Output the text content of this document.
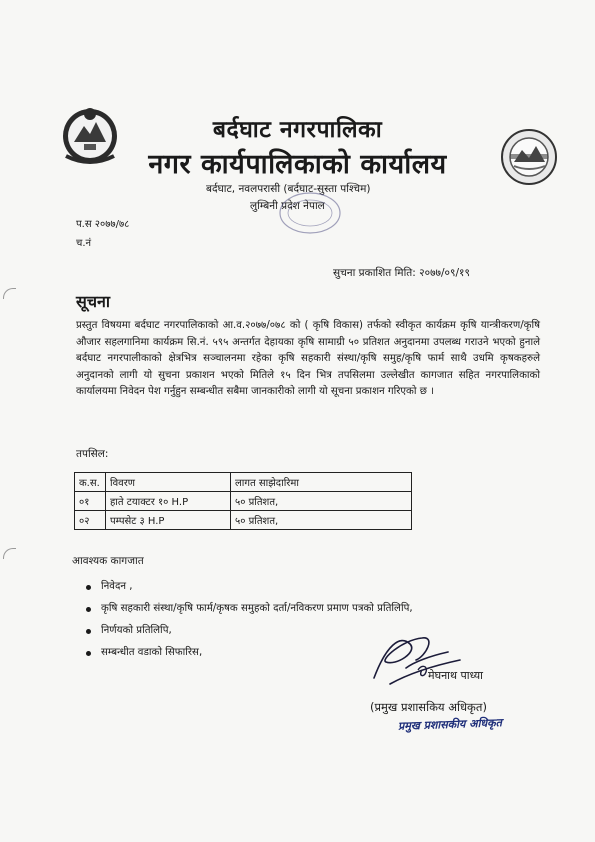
बर्दघाट नगरपालिका
नगर कार्यपालिकाको कार्यालय
बर्दघाट, नवलपरासी (बर्दघाट-सुस्ता पश्चिम)
लुम्बिनी प्रदेश नेपाल
प.स २०७७/७८
च.नं
सुचना प्रकाशित मिति: २०७७/०९/१९
सूचना
प्रस्तुत विषयमा बर्दघाट नगरपालिकाको आ.व.२०७७/०७८ को ( कृषि विकास) तर्फको स्वीकृत कार्यक्रम कृषि यान्त्रीकरण/कृषि औजार सहलगानिमा कार्यक्रम सि.नं. ५९५ अन्तर्गत देहायका कृषि सामाग्री ५० प्रतिशत अनुदानमा उपलब्ध गराउने भएको हुनाले बर्दघाट नगरपालीकाको क्षेत्रभित्र सञ्चालनमा रहेका कृषि सहकारी संस्था/कृषि समुह/कृषि फार्म साथै उधमि कृषकहरुले अनुदानको लागी यो सुचना प्रकाशन भएको मितिले १५ दिन भित्र तपसिलमा उल्लेखीत कागजात सहित नगरपालिकाको कार्यालयमा निवेदन पेश गर्नुहुन सम्बन्धीत सबैमा जानकारीको लागी यो सूचना प्रकाशन गरिएको छ ।
तपसिल:
क.स.	विवरण	लागत साझेदारिमा
०१	हाते टयाक्टर १० H.P	५० प्रतिशत,
०२	पम्पसेट ३ H.P	५० प्रतिशत,
आवश्यक कागजात
निवेदन ,
कृषि सहकारी संस्था/कृषि फार्म/कृषक समुहको दर्ता/नविकरण प्रमाण पत्रको प्रतिलिपि,
निर्णयको प्रतिलिपि,
सम्बन्धीत वडाको सिफारिस,
मेघनाथ पाध्या
(प्रमुख प्रशासकिय अधिकृत)
प्रमुख प्रशासकीय अधिकृत
